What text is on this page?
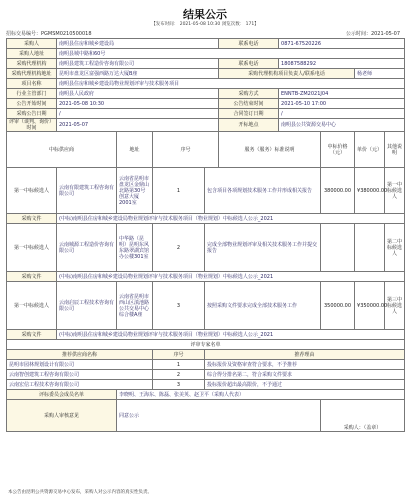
结果公示
【发布时间： 2021-05-08 10:30 浏览次数： 171】
招标交易编号：PGMSM0210500018	公示时间：2021-05-07
采购人	南明县住房和城乡建设局				联系电话	0871-67520226			
采购人地址	南明县城中路和60号								
采购代理机构	南明县建筑工程造价咨询有限公司				联系电话	18087588292			
采购代理机构地址	昆明市盘龙区富强西路万达大厦B座				采购代理机构项目负责人/联系电话			杨老师	
项目名称	南明县住房和城乡建设局物业规划评审与技术服务项目								
行业主管部门	南明县人民政府				采购方式	ENNTB-ZM2021J04			
公告开始时间	2021-05-08 10:30				公告结束时间	2021-05-10 17:00			
采购公告日期	/				合同签订日期	/			
评审（谈判、询价）时间	2021-05-07				开标地点	南明县公共资源交易中心			
中标供应商		地址	序号		服务（服务）标准说明		中标价格（元）	单价（元）	其他说明
第一中标候选人	云南有限建筑工程咨询有限公司	云南省昆明市盘龙区金鼎山北路第30号创意大厦2001室	1	包含项目各项规划技术服务工作并形成相关报告			380000.00	¥380000.00	第一中标候选人
采购文件	(中标)南明县住房和城乡建设局物业规划评审与技术服务项目（物业规划）中标候选人公示_2021								
第一中标候选人	云南城源工程造价咨询有限公司	中华路（昆明）昆明东风东路翠湖宾馆办公楼301室	2	完成全部物业规划评审及相关技术服务工作并提交报告					第二中标候选人
采购文件	(中标)南明县住房和城乡建设局物业规划评审与技术服务项目（物业规划）中标候选人公示_2021								
第一中标候选人	云南启辰工程技术咨询有限公司	云南省昆明市西山区滇池路公共交易中心综合楼A座	3	按照采购文件要求完成全部技术服务工作			350000.00	¥350000.00	第三中标候选人
采购文件	(中标)南明县住房和城乡建设局物业规划评审与技术服务项目（物业规划）中标候选人公示_2021								
评审专家名单									
推荐供应商名称			序号	推荐理由					
昆明市园林规划设计有限公司			1	投标报价及资格审查符合要求，不予推荐					
云南智创建筑工程咨询有限公司			2	综合得分排名第二，符合采购文件要求					
云南宏信工程技术咨询有限公司			3	投标报价超出最高限价，不予通过					
评标委员会成员名单		李晓明、王海东、陈磊、张美英、赵卫平（采购人代表）							
采购人审核意见		同意公示					采购人：（盖章）		
本公告由昆明公共资源交易中心发布，采购人对公示内容的真实性负责。
